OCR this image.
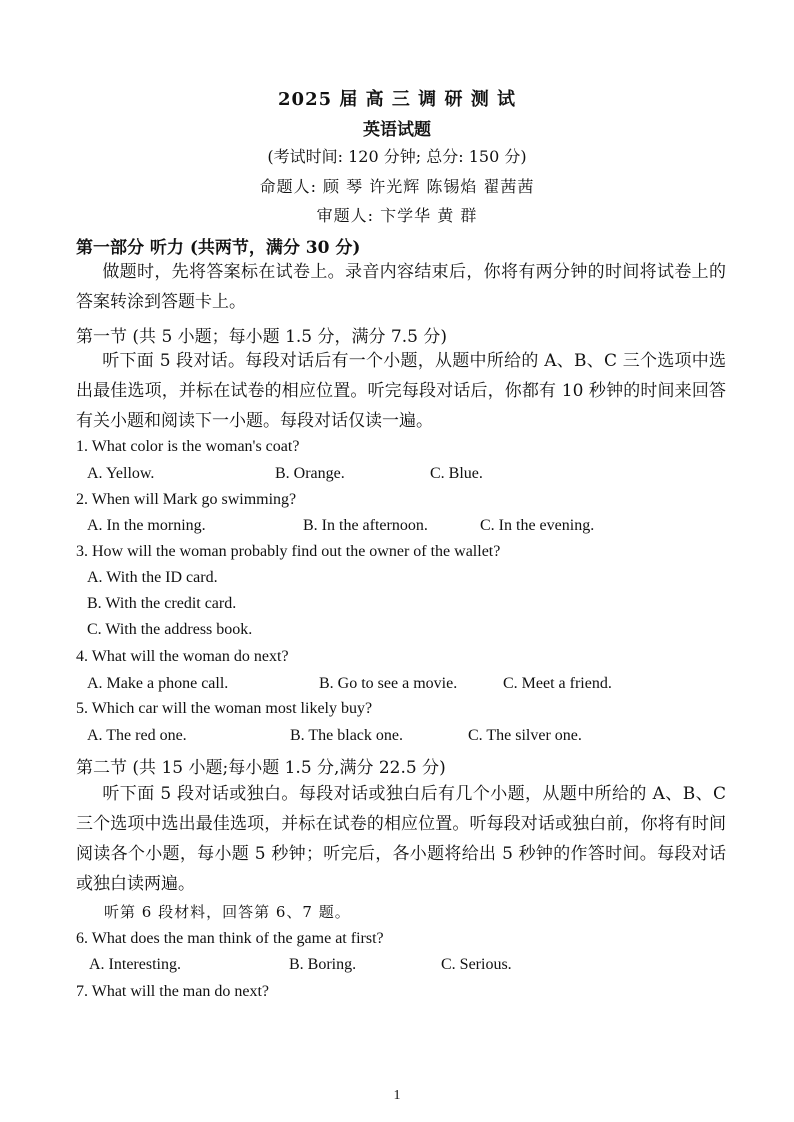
2025 届 高 三 调 研 测 试
英语试题
(考试时间: 120 分钟; 总分: 150 分)
命题人: 顾 琴 许光辉 陈锡焰 翟茜茜
审题人: 卞学华 黄 群
第一部分 听力 (共两节，满分 30 分)
做题时，先将答案标在试卷上。录音内容结束后，你将有两分钟的时间将试卷上的答案转涂到答题卡上。
第一节 (共 5 小题；每小题 1.5 分，满分 7.5 分)
听下面 5 段对话。每段对话后有一个小题，从题中所给的 A、B、C 三个选项中选出最佳选项，并标在试卷的相应位置。听完每段对话后，你都有 10 秒钟的时间来回答有关小题和阅读下一小题。每段对话仅读一遍。
1. What color is the woman's coat?
A. Yellow.	B. Orange.	C. Blue.
2. When will Mark go swimming?
A. In the morning.	B. In the afternoon.	C. In the evening.
3. How will the woman probably find out the owner of the wallet?
A. With the ID card.
B. With the credit card.
C. With the address book.
4. What will the woman do next?
A. Make a phone call.	B. Go to see a movie.	C. Meet a friend.
5. Which car will the woman most likely buy?
A. The red one.	B. The black one.	C. The silver one.
第二节 (共 15 小题;每小题 1.5 分,满分 22.5 分)
听下面 5 段对话或独白。每段对话或独白后有几个小题，从题中所给的 A、B、C 三个选项中选出最佳选项，并标在试卷的相应位置。听每段对话或独白前，你将有时间阅读各个小题，每小题 5 秒钟；听完后，各小题将给出 5 秒钟的作答时间。每段对话或独白读两遍。
听第 6 段材料，回答第 6、7 题。
6. What does the man think of the game at first?
A. Interesting.	B. Boring.	C. Serious.
7. What will the man do next?
1
